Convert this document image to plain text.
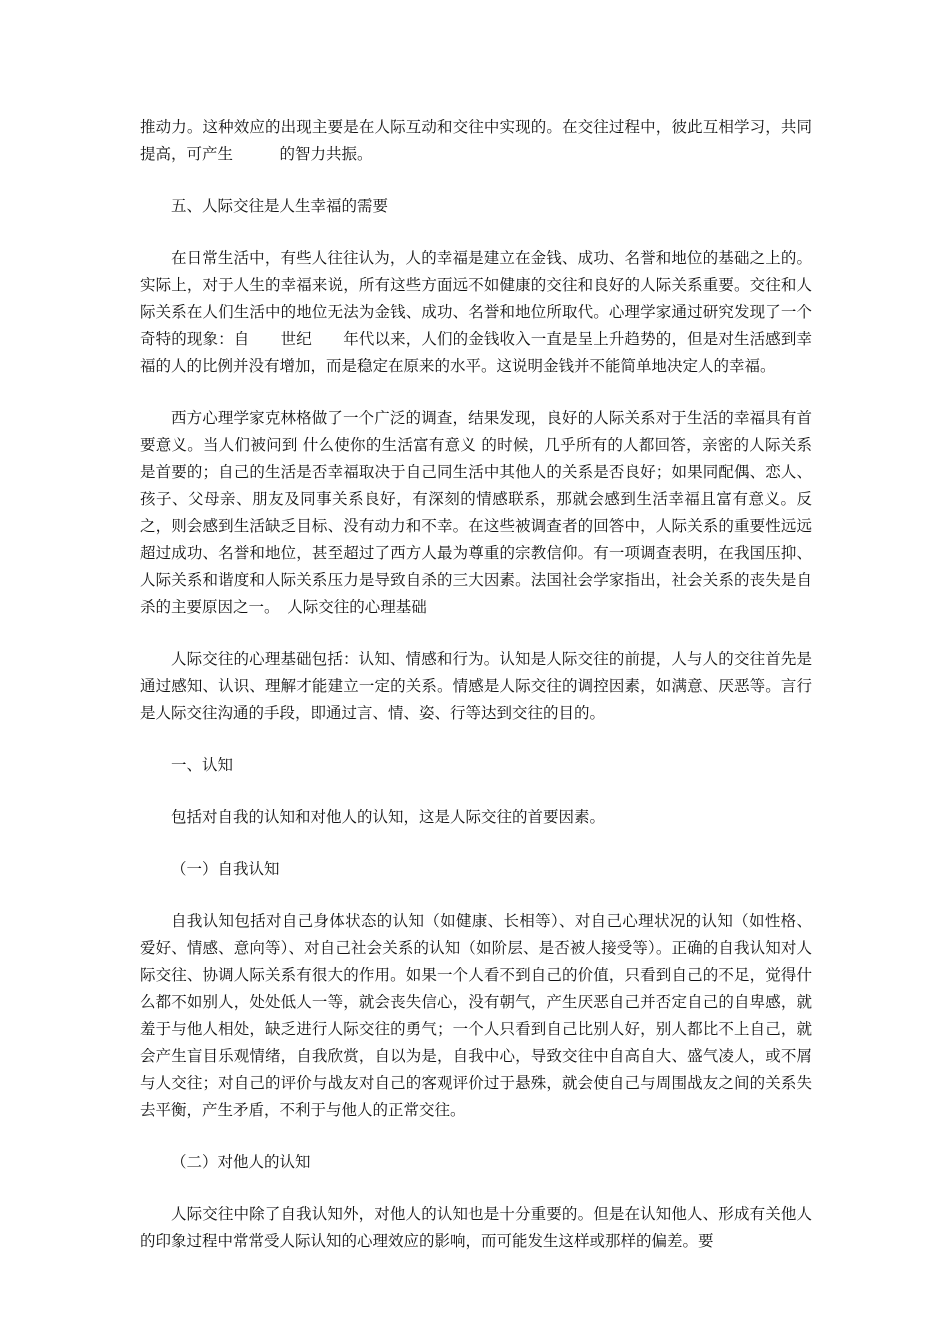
推动力。这种效应的出现主要是在人际互动和交往中实现的。在交往过程中，彼此互相学习，共同提高，可产生　　　的智力共振。

五、人际交往是人生幸福的需要

在日常生活中，有些人往往认为，人的幸福是建立在金钱、成功、名誉和地位的基础之上的。实际上，对于人生的幸福来说，所有这些方面远不如健康的交往和良好的人际关系重要。交往和人际关系在人们生活中的地位无法为金钱、成功、名誉和地位所取代。心理学家通过研究发现了一个奇特的现象：自　　世纪　　年代以来，人们的金钱收入一直是呈上升趋势的，但是对生活感到幸福的人的比例并没有增加，而是稳定在原来的水平。这说明金钱并不能简单地决定人的幸福。

西方心理学家克林格做了一个广泛的调查，结果发现，良好的人际关系对于生活的幸福具有首要意义。当人们被问到 什么使你的生活富有意义 的时候，几乎所有的人都回答，亲密的人际关系是首要的；自己的生活是否幸福取决于自己同生活中其他人的关系是否良好；如果同配偶、恋人、孩子、父母亲、朋友及同事关系良好，有深刻的情感联系，那就会感到生活幸福且富有意义。反之，则会感到生活缺乏目标、没有动力和不幸。在这些被调查者的回答中，人际关系的重要性远远超过成功、名誉和地位，甚至超过了西方人最为尊重的宗教信仰。有一项调查表明，在我国压抑、人际关系和谐度和人际关系压力是导致自杀的三大因素。法国社会学家指出，社会关系的丧失是自杀的主要原因之一。　人际交往的心理基础

人际交往的心理基础包括：认知、情感和行为。认知是人际交往的前提，人与人的交往首先是通过感知、认识、理解才能建立一定的关系。情感是人际交往的调控因素，如满意、厌恶等。言行是人际交往沟通的手段，即通过言、情、姿、行等达到交往的目的。

一、认知

包括对自我的认知和对他人的认知，这是人际交往的首要因素。

（一）自我认知

自我认知包括对自己身体状态的认知（如健康、长相等）、对自己心理状况的认知（如性格、爱好、情感、意向等）、对自己社会关系的认知（如阶层、是否被人接受等）。正确的自我认知对人际交往、协调人际关系有很大的作用。如果一个人看不到自己的价值，只看到自己的不足，觉得什么都不如别人，处处低人一等，就会丧失信心，没有朝气，产生厌恶自己并否定自己的自卑感，就羞于与他人相处，缺乏进行人际交往的勇气；一个人只看到自己比别人好，别人都比不上自己，就会产生盲目乐观情绪，自我欣赏，自以为是，自我中心，导致交往中自高自大、盛气凌人，或不屑与人交往；对自己的评价与战友对自己的客观评价过于悬殊，就会使自己与周围战友之间的关系失去平衡，产生矛盾，不利于与他人的正常交往。

（二）对他人的认知

人际交往中除了自我认知外，对他人的认知也是十分重要的。但是在认知他人、形成有关他人的印象过程中常常受人际认知的心理效应的影响，而可能发生这样或那样的偏差。要
